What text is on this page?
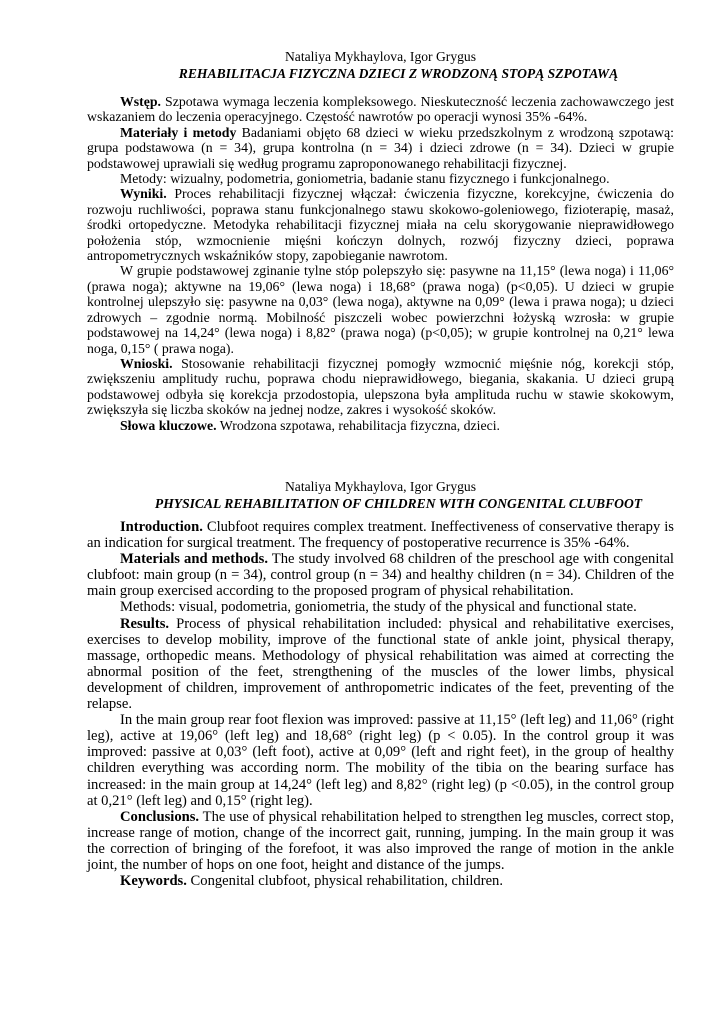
Nataliya Mykhaylova, Igor Grygus
REHABILITACJA FIZYCZNA DZIECI Z WRODZONĄ STOPĄ SZPOTAWĄ

Wstęp. Szpotawa wymaga leczenia kompleksowego. Nieskuteczność leczenia zachowawczego jest wskazaniem do leczenia operacyjnego. Częstość nawrotów po operacji wynosi 35% -64%.

Materiały i metody Badaniami objęto 68 dzieci w wieku przedszkolnym z wrodzoną szpotawą: grupa podstawowa (n = 34), grupa kontrolna (n = 34) i dzieci zdrowe (n = 34). Dzieci w grupie podstawowej uprawiali się według programu zaproponowanego rehabilitacji fizycznej.

Metody: wizualny, podometria, goniometria, badanie stanu fizycznego i funkcjonalnego.

Wyniki. Proces rehabilitacji fizycznej włączał: ćwiczenia fizyczne, korekcyjne, ćwiczenia do rozwoju ruchliwości, poprawa stanu funkcjonalnego stawu skokowo-goleniowego, fizioterapię, masaż, środki ortopedyczne. Metodyka rehabilitacji fizycznej miała na celu skorygowanie nieprawidłowego położenia stóp, wzmocnienie mięśni kończyn dolnych, rozwój fizyczny dzieci, poprawa antropometrycznych wskaźników stopy, zapobieganie nawrotom.

W grupie podstawowej zginanie tylne stóp polepszyło się: pasywne na 11,15° (lewa noga) i 11,06° (prawa noga); aktywne na 19,06° (lewa noga) i 18,68° (prawa noga) (p<0,05). U dzieci w grupie kontrolnej ulepszyło się: pasywne na 0,03° (lewa noga), aktywne na 0,09° (lewa i prawa noga); u dzieci zdrowych – zgodnie normą. Mobilność piszczeli wobec powierzchni łożyską wzrosła: w grupie podstawowej na 14,24° (lewa noga) i 8,82° (prawa noga) (p<0,05); w grupie kontrolnej na 0,21° lewa noga, 0,15° ( prawa noga).

Wnioski. Stosowanie rehabilitacji fizycznej pomogły wzmocnić mięśnie nóg, korekcji stóp, zwiększeniu amplitudy ruchu, poprawa chodu nieprawidłowego, biegania, skakania. U dzieci grupą podstawowej odbyła się korekcja przodostopia, ulepszona była amplituda ruchu w stawie skokowym, zwiększyła się liczba skoków na jednej nodze, zakres i wysokość skoków.

Słowa kluczowe. Wrodzona szpotawa, rehabilitacja fizyczna, dzieci.

Nataliya Mykhaylova, Igor Grygus
PHYSICAL REHABILITATION OF CHILDREN WITH CONGENITAL CLUBFOOT

Introduction. Clubfoot requires complex treatment. Ineffectiveness of conservative therapy is an indication for surgical treatment. The frequency of postoperative recurrence is 35% -64%.

Materials and methods. The study involved 68 children of the preschool age with congenital clubfoot: main group (n = 34), control group (n = 34) and healthy children (n = 34). Children of the main group exercised according to the proposed program of physical rehabilitation.

Methods: visual, podometria, goniometria, the study of the physical and functional state.

Results. Process of physical rehabilitation included: physical and rehabilitative exercises, exercises to develop mobility, improve of the functional state of ankle joint, physical therapy, massage, orthopedic means. Methodology of physical rehabilitation was aimed at correcting the abnormal position of the feet, strengthening of the muscles of the lower limbs, physical development of children, improvement of anthropometric indicates of the feet, preventing of the relapse.

In the main group rear foot flexion was improved: passive at 11,15° (left leg) and 11,06° (right leg), active at 19,06° (left leg) and 18,68° (right leg) (p < 0.05). In the control group it was improved: passive at 0,03° (left foot), active at 0,09° (left and right feet), in the group of healthy children everything was according norm. The mobility of the tibia on the bearing surface has increased: in the main group at 14,24° (left leg) and 8,82° (right leg) (p <0.05), in the control group at 0,21° (left leg) and 0,15° (right leg).

Conclusions. The use of physical rehabilitation helped to strengthen leg muscles, correct stop, increase range of motion, change of the incorrect gait, running, jumping. In the main group it was the correction of bringing of the forefoot, it was also improved the range of motion in the ankle joint, the number of hops on one foot, height and distance of the jumps.

Keywords. Congenital clubfoot, physical rehabilitation, children.
